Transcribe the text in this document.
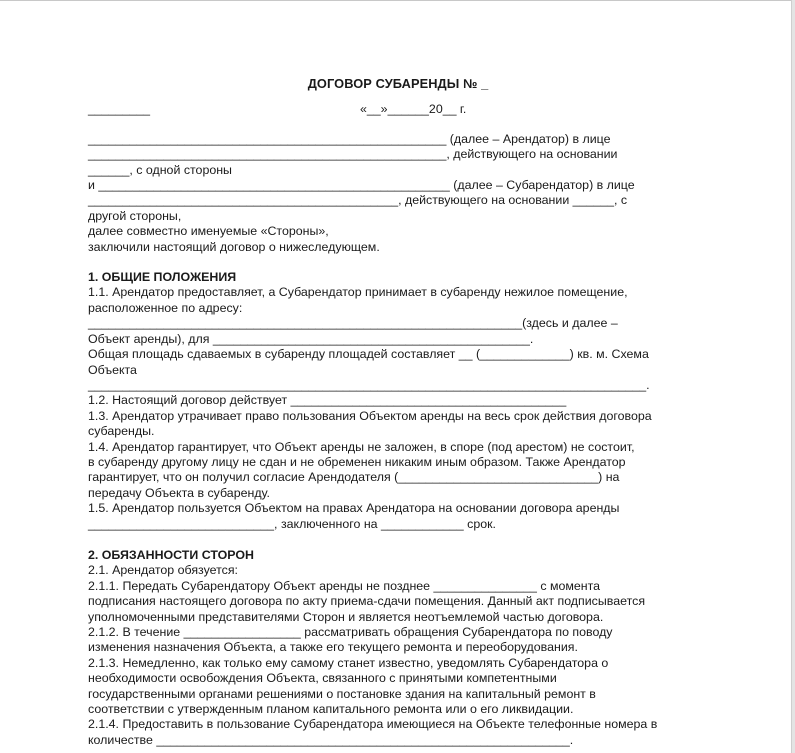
ДОГОВОР СУБАРЕНДЫ № _

_________                                                             «__»______20__ г.

____________________________________________________ (далее – Арендатор) в лице

____________________________________________________, действующего на основании

______, с одной стороны

и ___________________________________________________ (далее – Субарендатор) в лице

_____________________________________________, действующего на основании ______, с

другой стороны,

далее совместно именуемые «Стороны»,

заключили настоящий договор о нижеследующем.

1. ОБЩИЕ ПОЛОЖЕНИЯ

1.1. Арендатор предоставляет, а Субарендатор принимает в субаренду нежилое помещение,

расположенное по адресу:

_______________________________________________________________(здесь и далее –

Объект аренды), для ______________________________________________.

Общая площадь сдаваемых в субаренду площадей составляет __ (_____________) кв. м. Схема

Объекта

_________________________________________________________________________________.

1.2. Настоящий договор действует ________________________________________

1.3. Арендатор утрачивает право пользования Объектом аренды на весь срок действия договора

субаренды.

1.4. Арендатор гарантирует, что Объект аренды не заложен, в споре (под арестом) не состоит,

в субаренду другому лицу не сдан и не обременен никаким иным образом. Также Арендатор

гарантирует, что он получил согласие Арендодателя (_____________________________) на

передачу Объекта в субаренду.

1.5. Арендатор пользуется Объектом на правах Арендатора на основании договора аренды

___________________________, заключенного на ____________ срок.

2. ОБЯЗАННОСТИ СТОРОН

2.1. Арендатор обязуется:

2.1.1. Передать Субарендатору Объект аренды не позднее _______________ с момента

подписания настоящего договора по акту приема-сдачи помещения. Данный акт подписывается

уполномоченными представителями Сторон и является неотъемлемой частью договора.

2.1.2. В течение _________________ рассматривать обращения Субарендатора по поводу

изменения назначения Объекта, а также его текущего ремонта и переоборудования.

2.1.3. Немедленно, как только ему самому станет известно, уведомлять Субарендатора о

необходимости освобождения Объекта, связанного с принятыми компетентными

государственными органами решениями о постановке здания на капитальный ремонт в

соответствии с утвержденным планом капитального ремонта или о его ликвидации.

2.1.4. Предоставить в пользование Субарендатора имеющиеся на Объекте телефонные номера в

количестве ____________________________________________________________.
